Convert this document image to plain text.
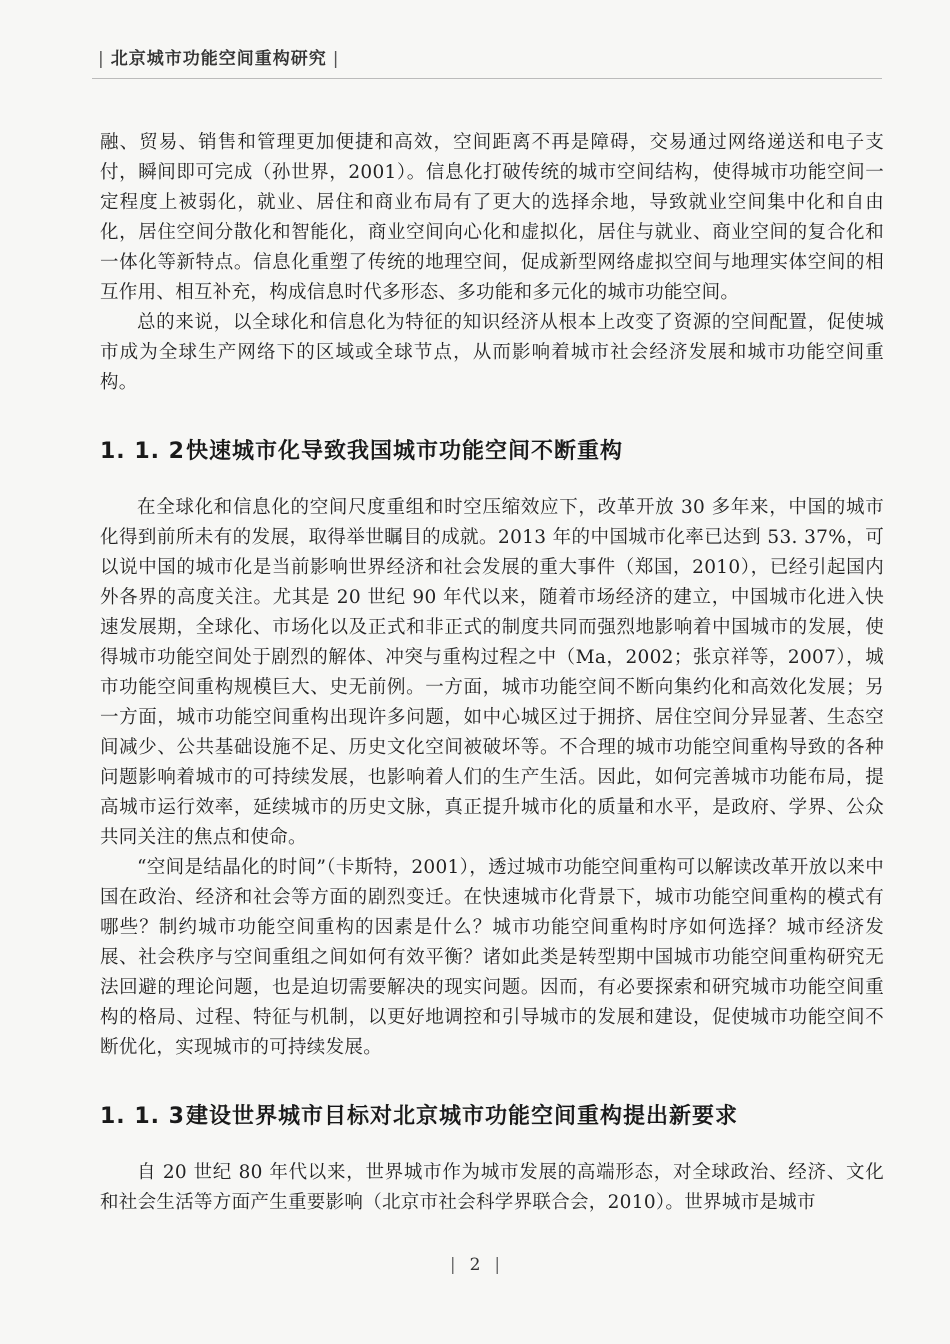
| 北京城市功能空间重构研究 |

融、贸易、销售和管理更加便捷和高效，空间距离不再是障碍，交易通过网络递送和电子支付，瞬间即可完成（孙世界，2001）。信息化打破传统的城市空间结构，使得城市功能空间一定程度上被弱化，就业、居住和商业布局有了更大的选择余地，导致就业空间集中化和自由化，居住空间分散化和智能化，商业空间向心化和虚拟化，居住与就业、商业空间的复合化和一体化等新特点。信息化重塑了传统的地理空间，促成新型网络虚拟空间与地理实体空间的相互作用、相互补充，构成信息时代多形态、多功能和多元化的城市功能空间。

总的来说，以全球化和信息化为特征的知识经济从根本上改变了资源的空间配置，促使城市成为全球生产网络下的区域或全球节点，从而影响着城市社会经济发展和城市功能空间重构。

1. 1. 2快速城市化导致我国城市功能空间不断重构

在全球化和信息化的空间尺度重组和时空压缩效应下，改革开放 30 多年来，中国的城市化得到前所未有的发展，取得举世瞩目的成就。2013 年的中国城市化率已达到 53. 37%，可以说中国的城市化是当前影响世界经济和社会发展的重大事件（郑国，2010），已经引起国内外各界的高度关注。尤其是 20 世纪 90 年代以来，随着市场经济的建立，中国城市化进入快速发展期，全球化、市场化以及正式和非正式的制度共同而强烈地影响着中国城市的发展，使得城市功能空间处于剧烈的解体、冲突与重构过程之中（Ma，2002；张京祥等，2007），城市功能空间重构规模巨大、史无前例。一方面，城市功能空间不断向集约化和高效化发展；另一方面，城市功能空间重构出现许多问题，如中心城区过于拥挤、居住空间分异显著、生态空间减少、公共基础设施不足、历史文化空间被破坏等。不合理的城市功能空间重构导致的各种问题影响着城市的可持续发展，也影响着人们的生产生活。因此，如何完善城市功能布局，提高城市运行效率，延续城市的历史文脉，真正提升城市化的质量和水平，是政府、学界、公众共同关注的焦点和使命。

“空间是结晶化的时间”（卡斯特，2001），透过城市功能空间重构可以解读改革开放以来中国在政治、经济和社会等方面的剧烈变迁。在快速城市化背景下，城市功能空间重构的模式有哪些？制约城市功能空间重构的因素是什么？城市功能空间重构时序如何选择？城市经济发展、社会秩序与空间重组之间如何有效平衡？诸如此类是转型期中国城市功能空间重构研究无法回避的理论问题，也是迫切需要解决的现实问题。因而，有必要探索和研究城市功能空间重构的格局、过程、特征与机制，以更好地调控和引导城市的发展和建设，促使城市功能空间不断优化，实现城市的可持续发展。

1. 1. 3建设世界城市目标对北京城市功能空间重构提出新要求

自 20 世纪 80 年代以来，世界城市作为城市发展的高端形态，对全球政治、经济、文化和社会生活等方面产生重要影响（北京市社会科学界联合会，2010）。世界城市是城市

| 2 |
